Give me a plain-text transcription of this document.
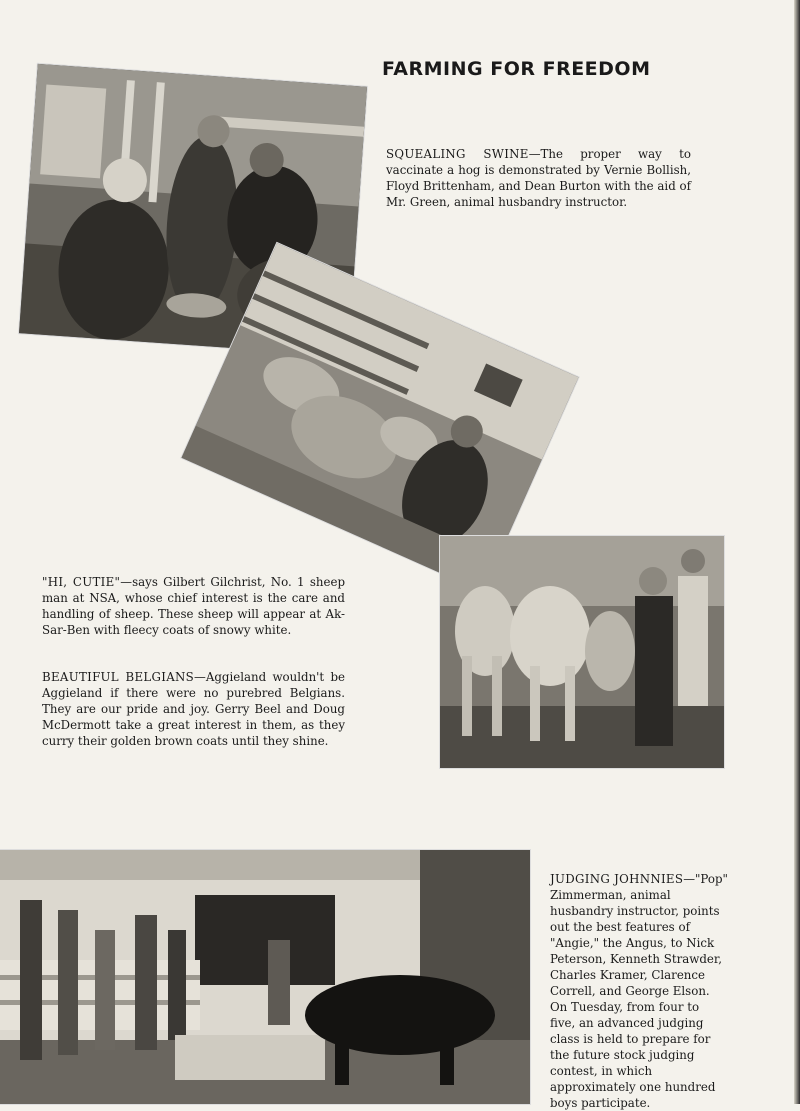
FARMING FOR FREEDOM
SQUEALING SWINE—The proper way to vaccinate a hog is demonstrated by Vernie Bollish, Floyd Brittenham, and Dean Burton with the aid of Mr. Green, animal husbandry instructor.
"HI, CUTIE"—says Gilbert Gilchrist, No. 1 sheep man at NSA, whose chief interest is the care and handling of sheep. These sheep will appear at Ak-Sar-Ben with fleecy coats of snowy white.
BEAUTIFUL BELGIANS—Aggieland wouldn't be Aggieland if there were no purebred Belgians. They are our pride and joy. Gerry Beel and Doug McDermott take a great interest in them, as they curry their golden brown coats until they shine.
JUDGING JOHNNIES—"Pop" Zimmerman, animal husbandry instructor, points out the best features of "Angie," the Angus, to Nick Peterson, Kenneth Strawder, Charles Kramer, Clarence Correll, and George Elson. On Tuesday, from four to five, an advanced judging class is held to prepare for the future stock judging contest, in which approximately one hundred boys participate.
